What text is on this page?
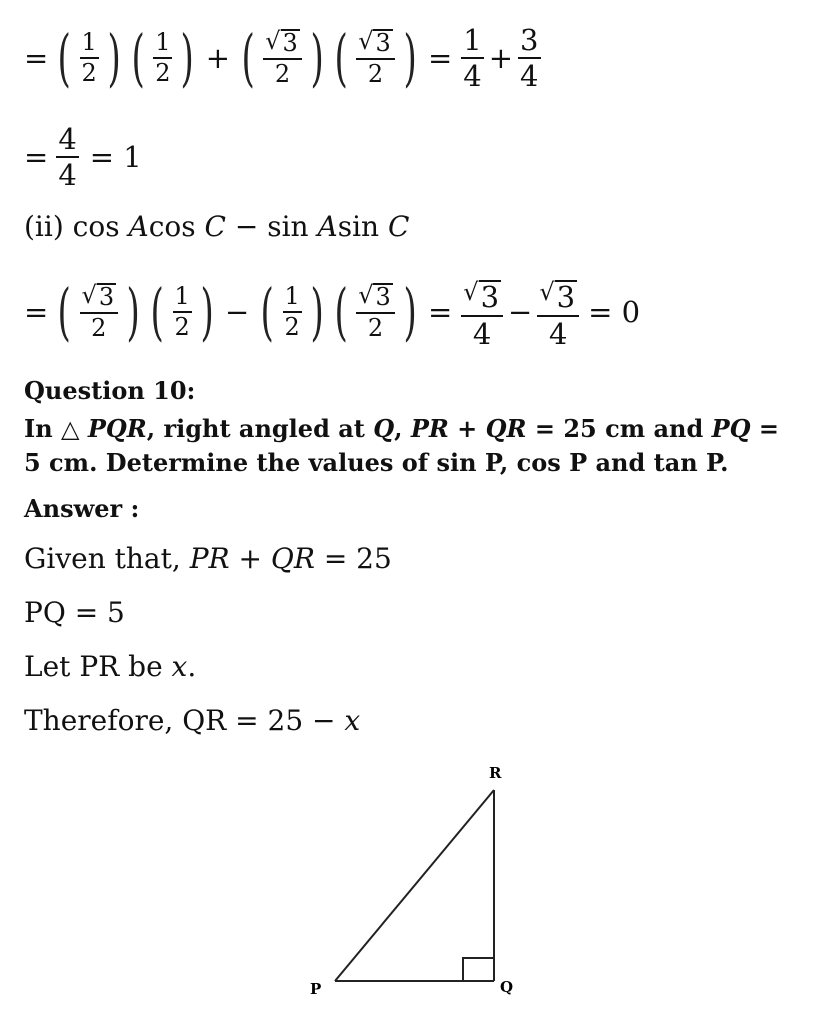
= ( $\frac{1}{2}$ ) ( $\frac{1}{2}$ ) + ( $\frac{√ 3}{2}$ ) ( $\frac{√ 3}{2}$ ) = $\frac{1}{4} + \frac{3}{4}$
= $\frac{4}{4} = 1$
(ii) cos Acos C − sin Asin C
= ( $\frac{√ 3}{2}$ ) ( $\frac{1}{2}$ ) − ( $\frac{1}{2}$ ) ( $\frac{√ 3}{2}$ ) = $\frac{√ 3}{4} - \frac{√ 3}{4} = 0$
Question 10:
In △ PQR, right angled at Q, PR + QR = 25 cm and PQ =
5 cm. Determine the values of sin P, cos P and tan P.
Answer :
Given that, PR + QR = 25
PQ = 5
Let PR be x.
Therefore, QR = 25 − x
R
P	Q
